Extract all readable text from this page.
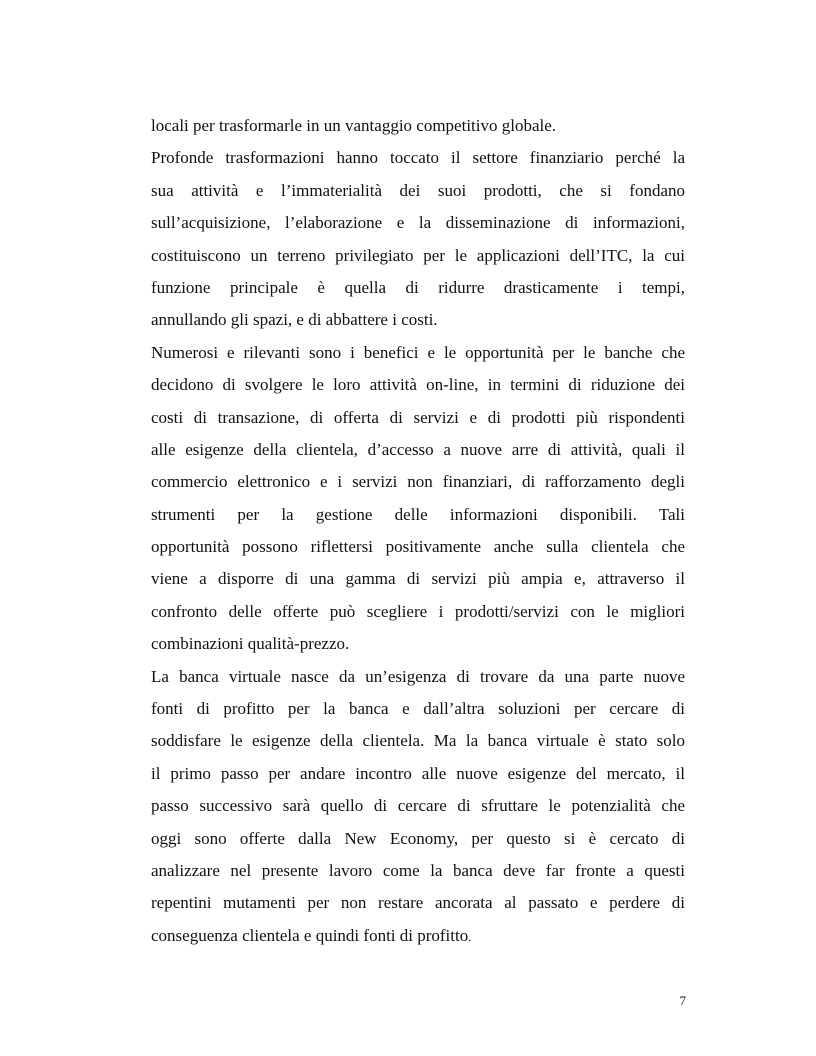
locali per trasformarle in un vantaggio competitivo globale.
Profonde trasformazioni hanno toccato il settore finanziario perché la
sua attività e l’immaterialità dei suoi prodotti, che si fondano
sull’acquisizione, l’elaborazione e la disseminazione di informazioni,
costituiscono un terreno privilegiato per le applicazioni dell’ITC, la cui
funzione principale è quella di ridurre drasticamente i tempi,
annullando gli spazi, e di abbattere i costi.
Numerosi e rilevanti sono i benefici e le opportunità per le banche che
decidono di svolgere le loro attività on-line, in termini di riduzione dei
costi di transazione, di offerta di servizi e di prodotti più rispondenti
alle esigenze della clientela, d’accesso a nuove arre di attività, quali il
commercio elettronico e i servizi non finanziari, di rafforzamento degli
strumenti per la gestione delle informazioni disponibili. Tali
opportunità possono riflettersi positivamente anche sulla clientela che
viene a disporre di una gamma di servizi più ampia e, attraverso il
confronto delle offerte può scegliere i prodotti/servizi con le migliori
combinazioni qualità-prezzo.
La banca virtuale nasce da un’esigenza di trovare da una parte nuove
fonti di profitto per la banca e dall’altra soluzioni per cercare di
soddisfare le esigenze della clientela. Ma la banca virtuale è stato solo
il primo passo per andare incontro alle nuove esigenze del mercato, il
passo successivo sarà quello di cercare di sfruttare le potenzialità che
oggi sono offerte dalla New Economy, per questo si è cercato di
analizzare nel presente lavoro come la banca deve far fronte a questi
repentini mutamenti per non restare ancorata al passato e perdere di
conseguenza clientela e quindi fonti di profitto.
7
